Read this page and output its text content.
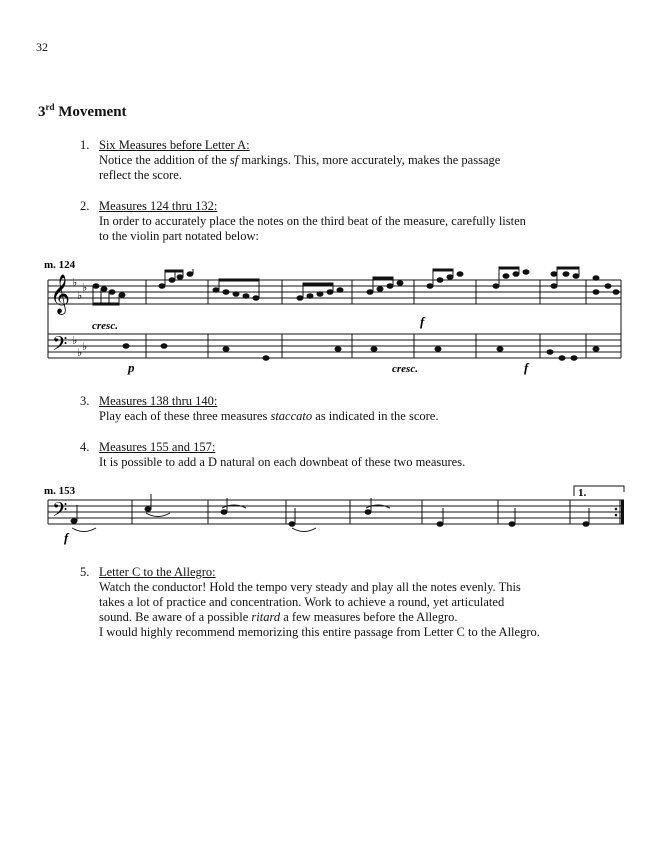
32
3rd Movement
1. Six Measures before Letter A:
Notice the addition of the sf markings. This, more accurately, makes the passage
reflect the score.
2. Measures 124 thru 132:
In order to accurately place the notes on the third beat of the measure, carefully listen
to the violin part notated below:
m. 124
𝄞
𝄢
♭
♭
♭
♭
♭ ♭
cresc.
p
f
cresc.	f
3. Measures 138 thru 140:
Play each of these three measures staccato as indicated in the score.
4. Measures 155 and 157:
It is possible to add a D natural on each downbeat of these two measures.
m. 153
𝄢
1.
f
5. Letter C to the Allegro:
Watch the conductor! Hold the tempo very steady and play all the notes evenly. This
takes a lot of practice and concentration. Work to achieve a round, yet articulated
sound. Be aware of a possible ritard a few measures before the Allegro.
I would highly recommend memorizing this entire passage from Letter C to the Allegro.
